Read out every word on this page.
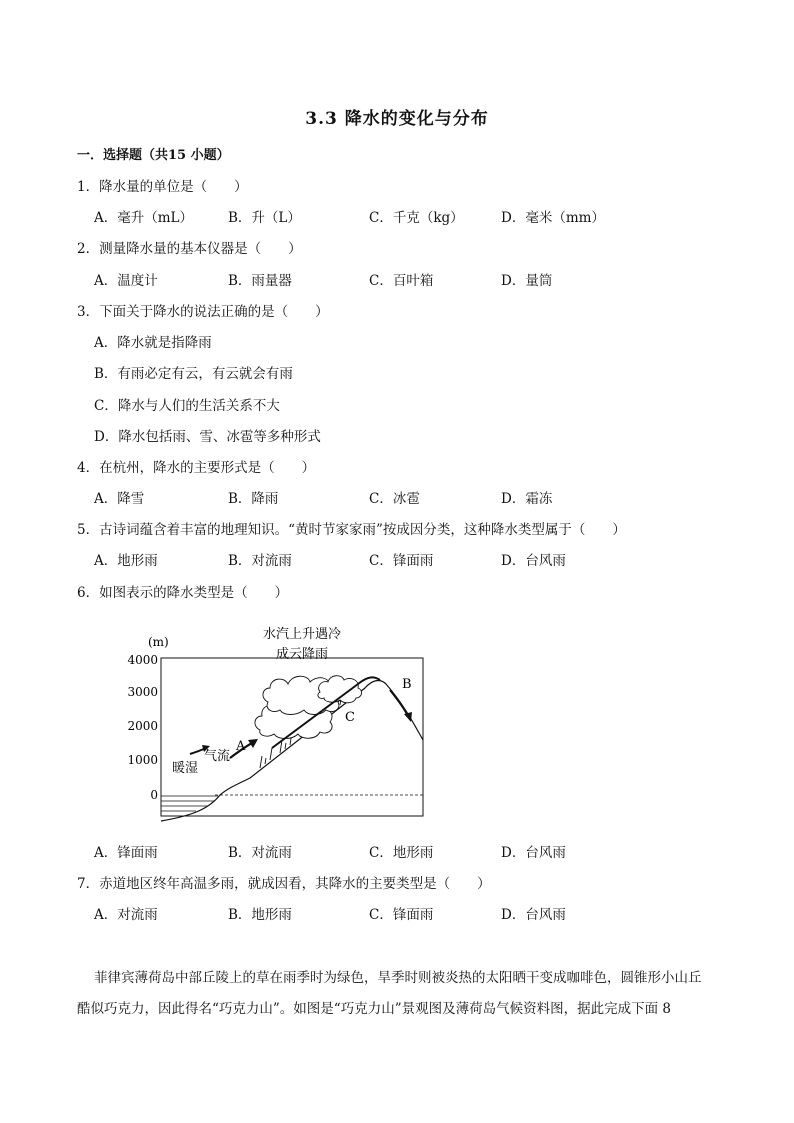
3.3 降水的变化与分布
一．选择题（共15 小题）
1．降水量的单位是（　　）
A．毫升（mL）	B．升（L）	C．千克（kg）	D．毫米（mm）
2．测量降水量的基本仪器是（　　）
A．温度计	B．雨量器	C．百叶箱	D．量筒
3．下面关于降水的说法正确的是（　　）
A．降水就是指降雨
B．有雨必定有云，有云就会有雨
C．降水与人们的生活关系不大
D．降水包括雨、雪、冰雹等多种形式
4．在杭州，降水的主要形式是（　　）
A．降雪	B．降雨	C．冰雹	D．霜冻
5．古诗词蕴含着丰富的地理知识。“黄时节家家雨”按成因分类，这种降水类型属于（　　）
A．地形雨	B．对流雨	C．锋面雨	D．台风雨
6．如图表示的降水类型是（　　）
(m)
4000
3000
2000
1000
0
水汽上升遇冷
成云降雨
暖湿
气流
A
B
C
A．锋面雨	B．对流雨	C．地形雨	D．台风雨
7．赤道地区终年高温多雨，就成因看，其降水的主要类型是（　　）
A．对流雨	B．地形雨	C．锋面雨	D．台风雨
菲律宾薄荷岛中部丘陵上的草在雨季时为绿色，旱季时则被炎热的太阳晒干变成咖啡色，圆锥形小山丘
酷似巧克力，因此得名“巧克力山”。如图是“巧克力山”景观图及薄荷岛气候资料图，据此完成下面 8
